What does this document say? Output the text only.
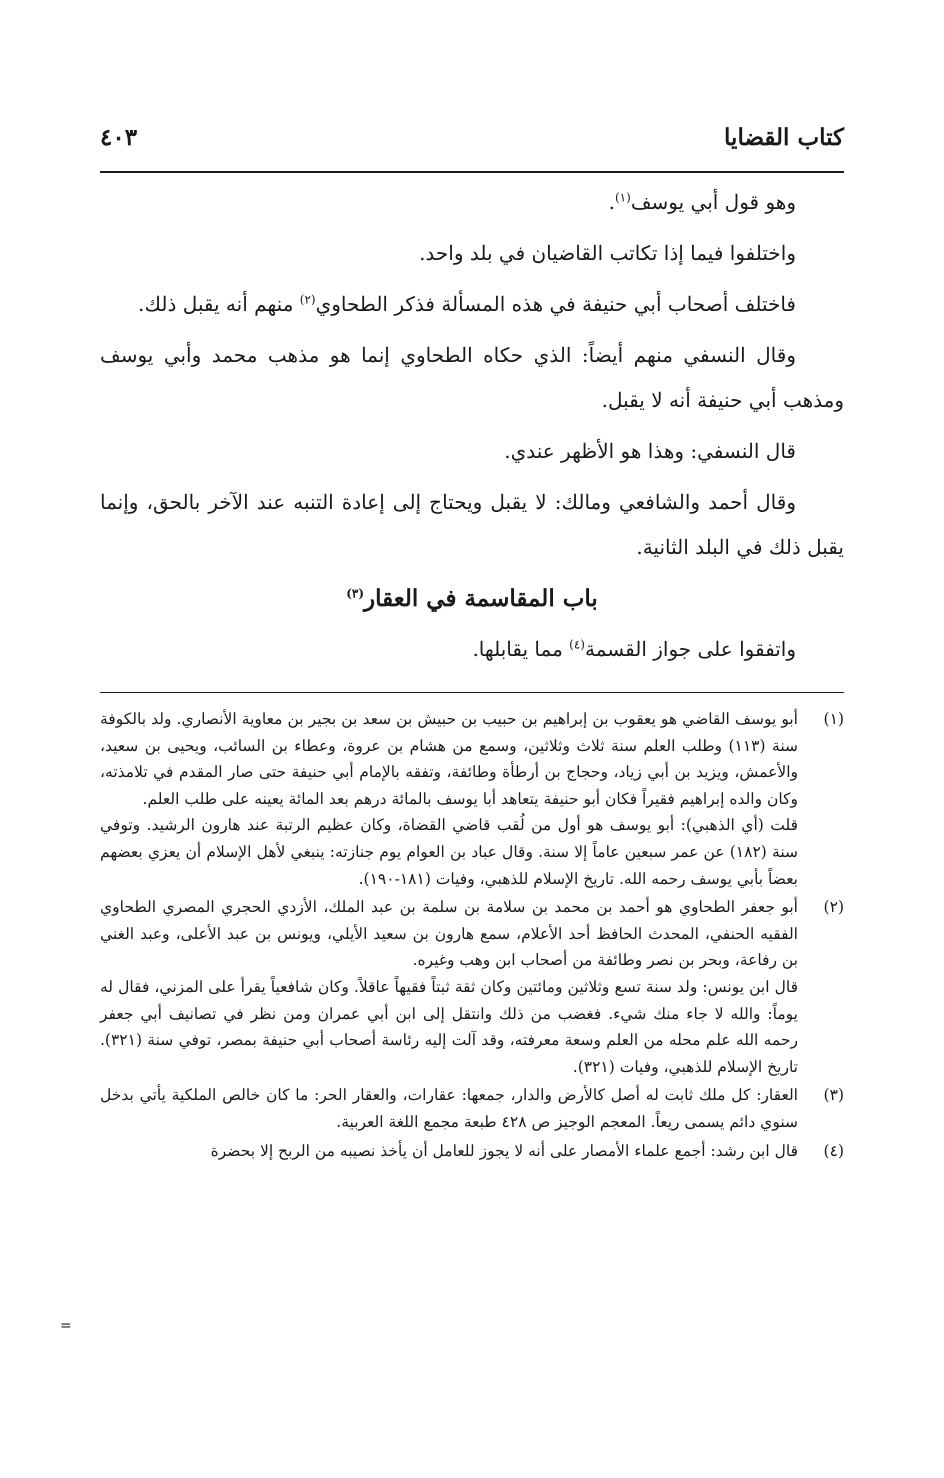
كتاب القضايا
٤٠٣

وهو قول أبي يوسف$^{(١)}$.

واختلفوا فيما إذا تكاتب القاضيان في بلد واحد.

فاختلف أصحاب أبي حنيفة في هذه المسألة فذكر الطحاوي$^{(٢)}$ منهم أنه يقبل ذلك.

وقال النسفي منهم أيضاً: الذي حكاه الطحاوي إنما هو مذهب محمد وأبي يوسف ومذهب أبي حنيفة أنه لا يقبل.

قال النسفي: وهذا هو الأظهر عندي.

وقال أحمد والشافعي ومالك: لا يقبل ويحتاج إلى إعادة التنبه عند الآخر بالحق، وإنما يقبل ذلك في البلد الثانية.

باب المقاسمة في العقار$^{(٣)}$

واتفقوا على جواز القسمة$^{(٤)}$ مما يقابلها.

(١)

أبو يوسف القاضي هو يعقوب بن إبراهيم بن حبيب بن حبيش بن سعد بن بجير بن معاوية الأنصاري. ولد بالكوفة سنة (١١٣) وطلب العلم سنة ثلاث وثلاثين، وسمع من هشام بن عروة، وعطاء بن السائب، ويحيى بن سعيد، والأعمش، ويزيد بن أبي زياد، وحجاج بن أرطأة وطائفة، وتفقه بالإمام أبي حنيفة حتى صار المقدم في تلامذته، وكان والده إبراهيم فقيراً فكان أبو حنيفة يتعاهد أبا يوسف بالمائة درهم بعد المائة يعينه على طلب العلم.

قلت (أي الذهبي): أبو يوسف هو أول من لُقب قاضي القضاة، وكان عظيم الرتبة عند هارون الرشيد. وتوفي سنة (١٨٢) عن عمر سبعين عاماً إلا سنة. وقال عباد بن العوام يوم جنازته: ينبغي لأهل الإسلام أن يعزي بعضهم بعضاً بأبي يوسف رحمه الله. تاريخ الإسلام للذهبي، وفيات (١٨١-١٩٠).

(٢)

أبو جعفر الطحاوي هو أحمد بن محمد بن سلامة بن سلمة بن عبد الملك، الأزدي الحجري المصري الطحاوي الفقيه الحنفي، المحدث الحافظ أحد الأعلام، سمع هارون بن سعيد الأيلي، ويونس بن عبد الأعلى، وعبد الغني بن رفاعة، وبحر بن نصر وطائفة من أصحاب ابن وهب وغيره.

قال ابن يونس: ولد سنة تسع وثلاثين ومائتين وكان ثقة ثبتاً فقيهاً عاقلاً. وكان شافعياً يقرأ على المزني، فقال له يوماً: والله لا جاء منك شيء. فغضب من ذلك وانتقل إلى ابن أبي عمران ومن نظر في تصانيف أبي جعفر رحمه الله علم محله من العلم وسعة معرفته، وقد آلت إليه رئاسة أصحاب أبي حنيفة بمصر، توفي سنة (٣٢١). تاريخ الإسلام للذهبي، وفيات (٣٢١).

(٣)

العقار: كل ملك ثابت له أصل كالأرض والدار، جمعها: عقارات، والعقار الحر: ما كان خالص الملكية يأتي بدخل سنوي دائم يسمى ريعاً. المعجم الوجيز ص ٤٢٨ طبعة مجمع اللغة العربية.

(٤)

قال ابن رشد: أجمع علماء الأمصار على أنه لا يجوز للعامل أن يأخذ نصيبه من الربح إلا بحضرة

=
